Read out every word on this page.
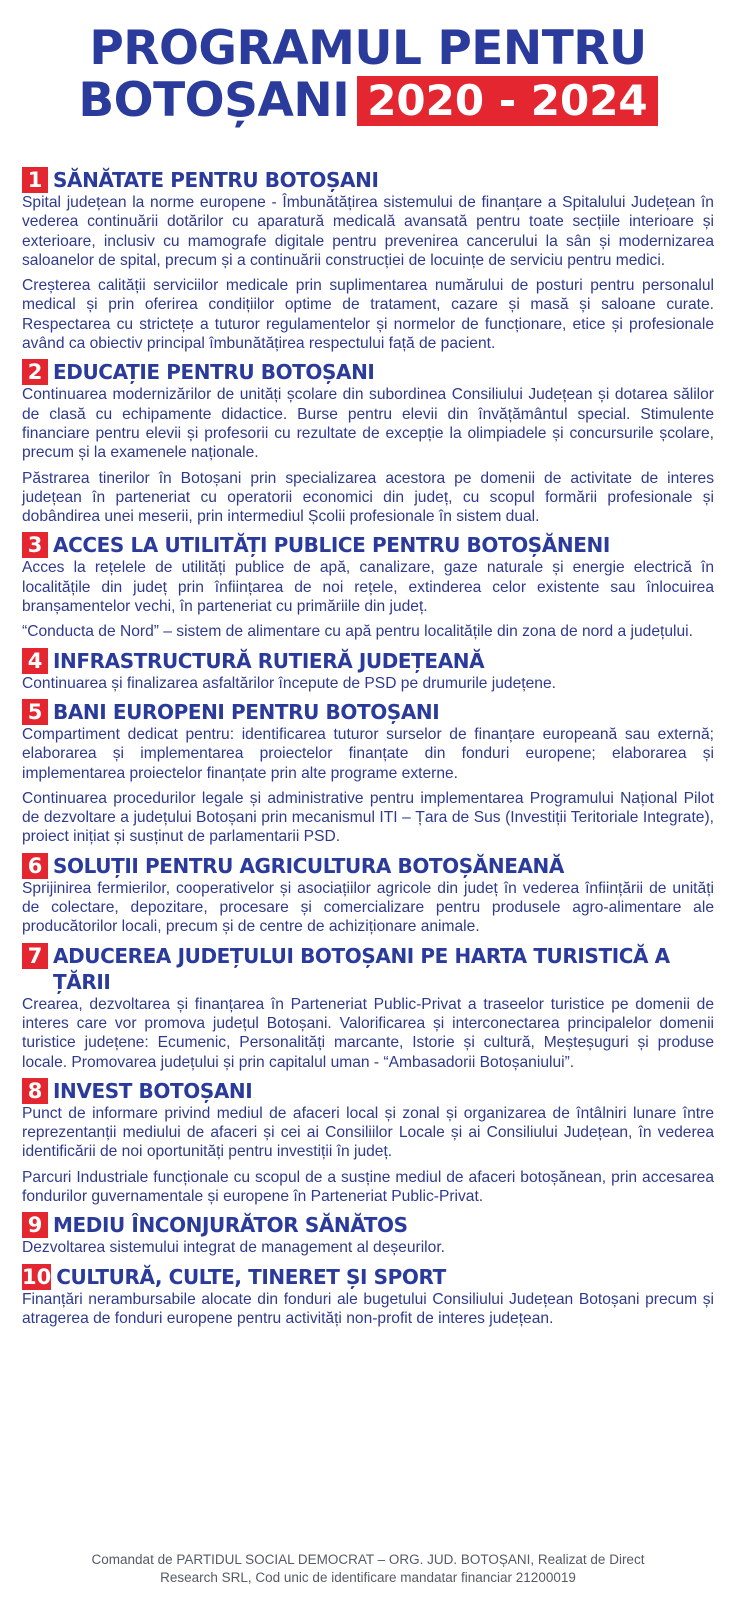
PROGRAMUL PENTRU
BOTOȘANI 2020 - 2024
1 SĂNĂTATE PENTRU BOTOȘANI

Spital județean la norme europene - Îmbunătățirea sistemului de finanțare a Spitalului Județean în vederea continuării dotărilor cu aparatură medicală avansată pentru toate secțiile interioare și exterioare, inclusiv cu mamografe digitale pentru prevenirea cancerului la sân și modernizarea saloanelor de spital, precum și a continuării construcției de locuințe de serviciu pentru medici.

Creșterea calității serviciilor medicale prin suplimentarea numărului de posturi pentru personalul medical și prin oferirea condițiilor optime de tratament, cazare și masă și saloane curate. Respectarea cu strictețe a tuturor regulamentelor și normelor de funcționare, etice și profesionale având ca obiectiv principal îmbunătățirea respectului față de pacient.

2 EDUCAȚIE PENTRU BOTOȘANI

Continuarea modernizărilor de unități școlare din subordinea Consiliului Județean și dotarea sălilor de clasă cu echipamente didactice. Burse pentru elevii din învățământul special. Stimulente financiare pentru elevii și profesorii cu rezultate de excepție la olimpiadele și concursurile școlare, precum și la examenele naționale.

Păstrarea tinerilor în Botoșani prin specializarea acestora pe domenii de activitate de interes județean în parteneriat cu operatorii economici din județ, cu scopul formării profesionale și dobândirea unei meserii, prin intermediul Școlii profesionale în sistem dual.

3 ACCES LA UTILITĂȚI PUBLICE PENTRU BOTOȘĂNENI

Acces la rețelele de utilități publice de apă, canalizare, gaze naturale și energie electrică în localitățile din județ prin înființarea de noi rețele, extinderea celor existente sau înlocuirea branșamentelor vechi, în parteneriat cu primăriile din județ.

“Conducta de Nord” – sistem de alimentare cu apă pentru localitățile din zona de nord a județului.

4 INFRASTRUCTURĂ RUTIERĂ JUDEȚEANĂ

Continuarea și finalizarea asfaltărilor începute de PSD pe drumurile județene.

5 BANI EUROPENI PENTRU BOTOȘANI

Compartiment dedicat pentru: identificarea tuturor surselor de finanțare europeană sau externă; elaborarea și implementarea proiectelor finanțate din fonduri europene; elaborarea și implementarea proiectelor finanțate prin alte programe externe.

Continuarea procedurilor legale și administrative pentru implementarea Programului Național Pilot de dezvoltare a județului Botoșani prin mecanismul ITI – Țara de Sus (Investiții Teritoriale Integrate), proiect inițiat și susținut de parlamentarii PSD.

6 SOLUȚII PENTRU AGRICULTURA BOTOȘĂNEANĂ

Sprijinirea fermierilor, cooperativelor și asociațiilor agricole din județ în vederea înființării de unități de colectare, depozitare, procesare și comercializare pentru produsele agro-alimentare ale producătorilor locali, precum și de centre de achiziționare animale.

7 ADUCEREA JUDEȚULUI BOTOȘANI PE HARTA TURISTICĂ A ȚĂRII

Crearea, dezvoltarea și finanțarea în Parteneriat Public-Privat a traseelor turistice pe domenii de interes care vor promova județul Botoșani. Valorificarea și interconectarea principalelor domenii turistice județene: Ecumenic, Personalități marcante, Istorie și cultură, Meșteșuguri și produse locale. Promovarea județului și prin capitalul uman - “Ambasadorii Botoșaniului”.

8 INVEST BOTOȘANI

Punct de informare privind mediul de afaceri local și zonal și organizarea de întâlniri lunare între reprezentanții mediului de afaceri și cei ai Consiliilor Locale și ai Consiliului Județean, în vederea identificării de noi oportunități pentru investiții în județ.

Parcuri Industriale funcționale cu scopul de a susține mediul de afaceri botoșănean, prin accesarea fondurilor guvernamentale și europene în Parteneriat Public-Privat.

9 MEDIU ÎNCONJURĂTOR SĂNĂTOS

Dezvoltarea sistemului integrat de management al deșeurilor.

10 CULTURĂ, CULTE, TINERET ȘI SPORT

Finanțări nerambursabile alocate din fonduri ale bugetului Consiliului Județean Botoșani precum și atragerea de fonduri europene pentru activități non-profit de interes județean.

Comandat de PARTIDUL SOCIAL DEMOCRAT – ORG. JUD. BOTOȘANI, Realizat de Direct
Research SRL, Cod unic de identificare mandatar financiar 21200019
